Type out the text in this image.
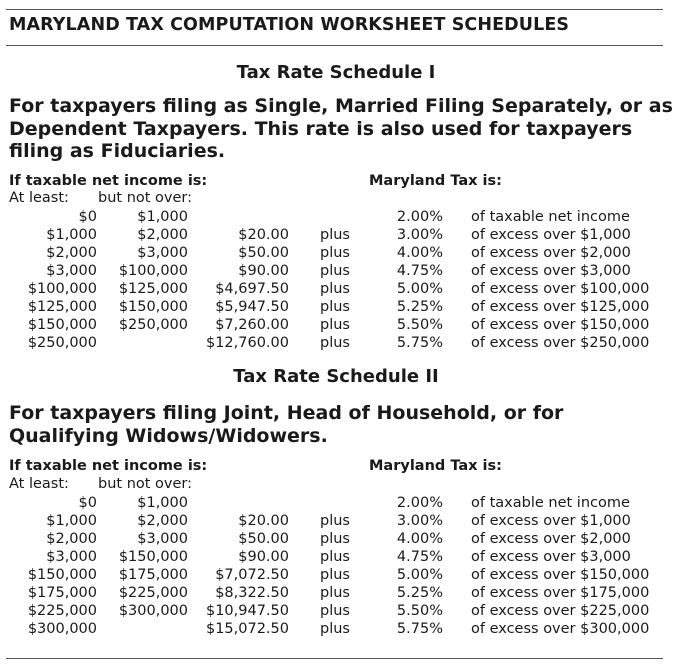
MARYLAND TAX COMPUTATION WORKSHEET SCHEDULES
Tax Rate Schedule I

For taxpayers filing as Single, Married Filing Separately, or as Dependent Taxpayers. This rate is also used for taxpayers filing as Fiduciaries.

If taxable net income is:	Maryland Tax is:
At least: but not over:
$0	$1,000	2.00% of taxable net income
$1,000	$2,000	$20.00 plus	3.00% of excess over $1,000
$2,000	$3,000	$50.00 plus	4.00% of excess over $2,000
$3,000 $100,000	$90.00 plus	4.75% of excess over $3,000
$100,000 $125,000 $4,697.50 plus	5.00% of excess over $100,000
$125,000 $150,000 $5,947.50 plus	5.25% of excess over $125,000
$150,000 $250,000 $7,260.00 plus	5.50% of excess over $150,000
$250,000	$12,760.00 plus	5.75% of excess over $250,000
Tax Rate Schedule II

For taxpayers filing Joint, Head of Household, or for Qualifying Widows/Widowers.

If taxable net income is:	Maryland Tax is:
At least: but not over:
$0	$1,000	2.00% of taxable net income
$1,000	$2,000	$20.00 plus	3.00% of excess over $1,000
$2,000	$3,000	$50.00 plus	4.00% of excess over $2,000
$3,000 $150,000	$90.00 plus	4.75% of excess over $3,000
$150,000 $175,000 $7,072.50 plus	5.00% of excess over $150,000
$175,000 $225,000 $8,322.50 plus	5.25% of excess over $175,000
$225,000 $300,000 $10,947.50 plus	5.50% of excess over $225,000
$300,000	$15,072.50 plus	5.75% of excess over $300,000
